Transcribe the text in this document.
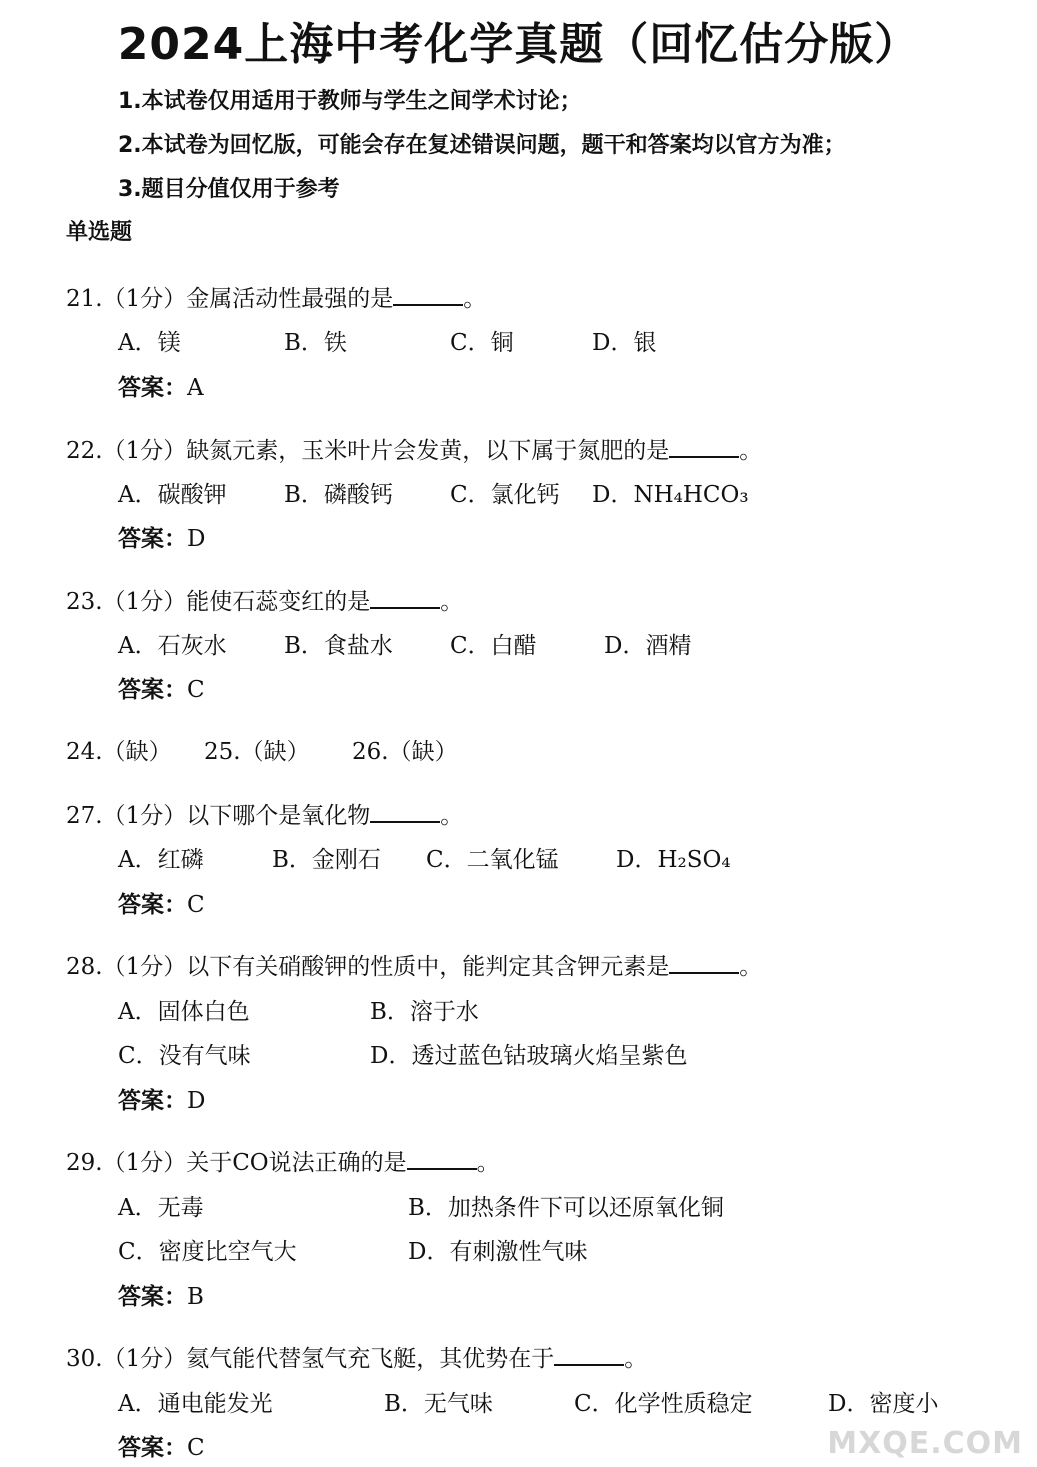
2024上海中考化学真题（回忆估分版）
1.本试卷仅用适用于教师与学生之间学术讨论；
2.本试卷为回忆版，可能会存在复述错误问题，题干和答案均以官方为准；
3.题目分值仅用于参考
单选题
21.（1分）金属活动性最强的是	。
A．镁	B．铁	C．铜	D．银
答案：A
22.（1分）缺氮元素，玉米叶片会发黄，以下属于氮肥的是	。
A．碳酸钾 B．磷酸钙 C．氯化钙 D．NH₄HCO₃
答案：D
23.（1分）能使石蕊变红的是	。
A．石灰水 B．食盐水 C．白醋	D．酒精
答案：C
24.（缺） 25.（缺） 26.（缺）
27.（1分）以下哪个是氧化物	。
A．红磷	B．金刚石 C．二氧化锰 D．H₂SO₄
答案：C
28.（1分）以下有关硝酸钾的性质中，能判定其含钾元素是	。
A．固体白色	B．溶于水
C．没有气味	D．透过蓝色钴玻璃火焰呈紫色
答案：D
29.（1分）关于CO说法正确的是	。
A．无毒	B．加热条件下可以还原氧化铜
C．密度比空气大	D．有刺激性气味
答案：B
30.（1分）氦气能代替氢气充飞艇，其优势在于	。
A．通电能发光	B．无气味	C．化学性质稳定	D．密度小
答案：C	MXQE.COM
